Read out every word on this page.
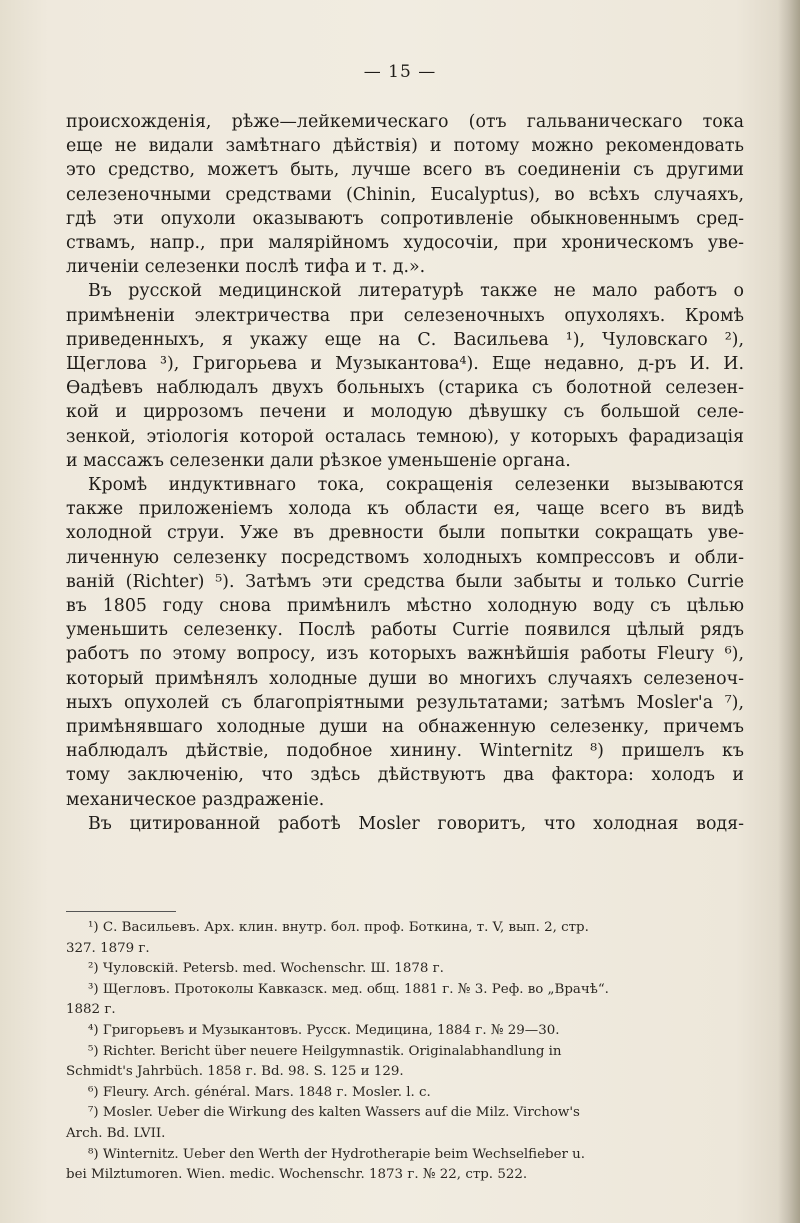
— 15 —
происхожденія, рѣже—лейкемическаго (отъ гальваническаго тока
еще не видали замѣтнаго дѣйствія) и потому можно рекомендовать
это средство, можетъ быть, лучше всего въ соединеніи съ другими
селезеночными средствами (Chinin, Eucalyptus), во всѣхъ случаяхъ,
гдѣ эти опухоли оказываютъ сопротивленіе обыкновеннымъ сред-
ствамъ, напр., при малярійномъ худосочіи, при хроническомъ уве-
личеніи селезенки послѣ тифа и т. д.».
Въ русской медицинской литературѣ также не мало работъ о
примѣненіи электричества при селезеночныхъ опухоляхъ. Кромѣ
приведенныхъ, я укажу еще на С. Васильева ¹), Чуловскаго ²),
Щеглова ³), Григорьева и Музыкантова⁴). Еще недавно, д-ръ И. И.
Ѳадѣевъ наблюдалъ двухъ больныхъ (старика съ болотной селезен-
кой и циррозомъ печени и молодую дѣвушку съ большой селе-
зенкой, этіологія которой осталась темною), у которыхъ фарадизація
и массажъ селезенки дали рѣзкое уменьшеніе органа.
Кромѣ индуктивнаго тока, сокращенія селезенки вызываются
также приложеніемъ холода къ области ея, чаще всего въ видѣ
холодной струи. Уже въ древности были попытки сокращать уве-
личенную селезенку посредствомъ холодныхъ компрессовъ и обли-
ваній (Richter) ⁵). Затѣмъ эти средства были забыты и только Currie
въ 1805 году снова примѣнилъ мѣстно холодную воду съ цѣлью
уменьшить селезенку. Послѣ работы Currie появился цѣлый рядъ
работъ по этому вопросу, изъ которыхъ важнѣйшія работы Fleury ⁶),
который примѣнялъ холодные души во многихъ случаяхъ селезеноч-
ныхъ опухолей съ благопріятными результатами; затѣмъ Mosler'а ⁷),
примѣнявшаго холодные души на обнаженную селезенку, причемъ
наблюдалъ дѣйствіе, подобное хинину. Winternitz ⁸) пришелъ къ
тому заключенію, что здѣсь дѣйствуютъ два фактора: холодъ и
механическое раздраженіе.
Въ цитированной работѣ Mosler говоритъ, что холодная водя-
¹) С. Васильевъ. Арх. клин. внутр. бол. проф. Боткина, т. V, вып. 2, стр.
327. 1879 г.
²) Чуловскій. Petersb. med. Wochenschr. Ш. 1878 г.
³) Щегловъ. Протоколы Кавказск. мед. общ. 1881 г. № 3. Реф. во „Врачѣ“.
1882 г.
⁴) Григорьевъ и Музыкантовъ. Русск. Медицина, 1884 г. № 29—30.
⁵) Richter. Bericht über neuere Heilgymnastik. Originalabhandlung in
Schmidt's Jahrbüch. 1858 г. Bd. 98. S. 125 и 129.
⁶) Fleury. Arch. général. Mars. 1848 г. Mosler. l. c.
⁷) Mosler. Ueber die Wirkung des kalten Wassers auf die Milz. Virchow's
Arch. Bd. LVII.
⁸) Winternitz. Ueber den Werth der Hydrotherapie beim Wechselfieber u.
bei Milztumoren. Wien. medic. Wochenschr. 1873 г. № 22, стр. 522.
